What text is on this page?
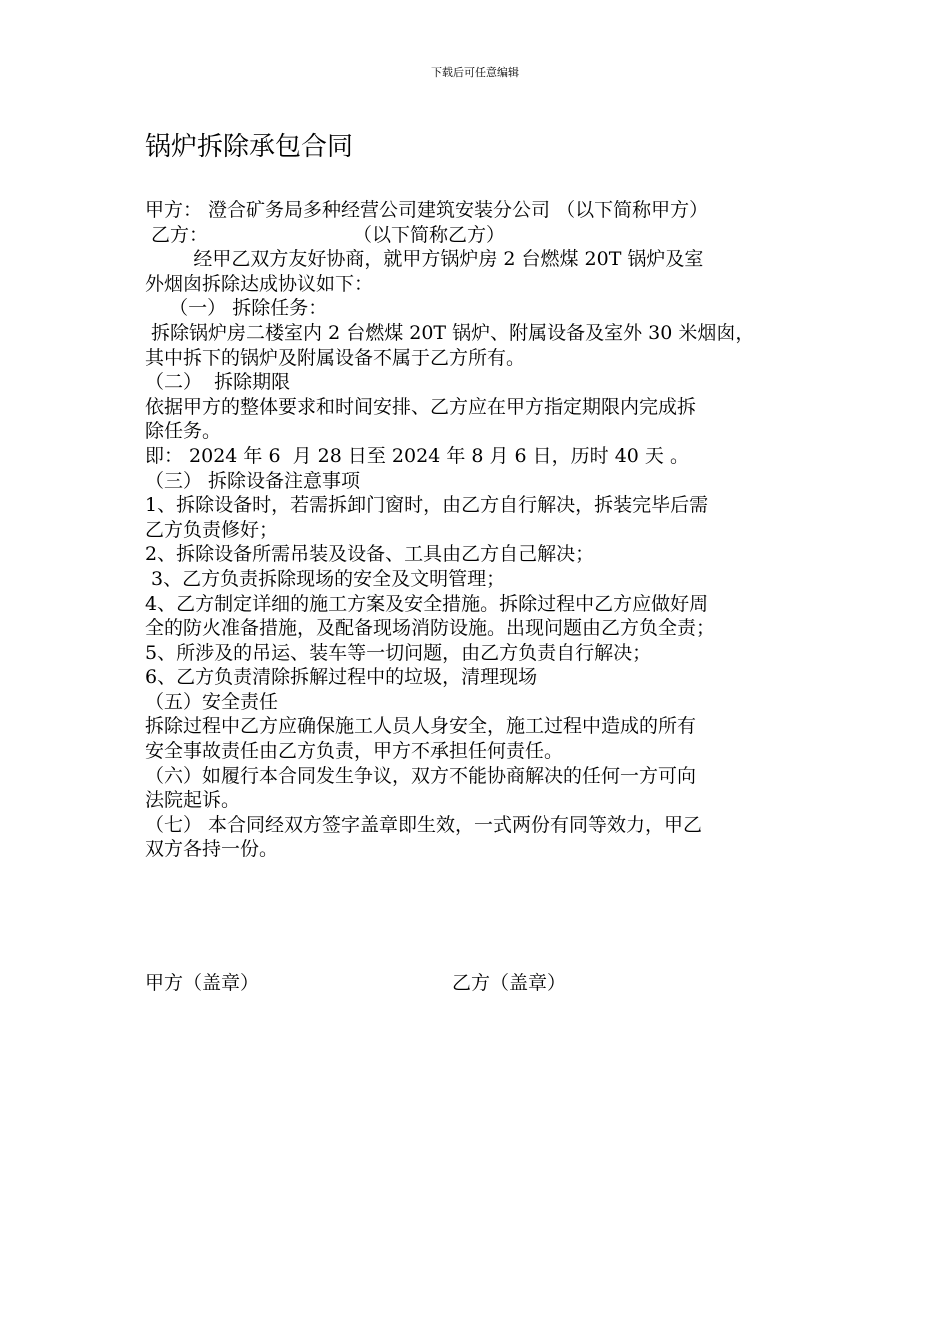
下载后可任意编辑
锅炉拆除承包合同
甲方： 澄合矿务局多种经营公司建筑安装分公司 （以下简称甲方）
乙方：                        （以下简称乙方）
经甲乙双方友好协商，就甲方锅炉房 2 台燃煤 20T 锅炉及室
外烟囱拆除达成协议如下：
（一） 拆除任务：
拆除锅炉房二楼室内 2 台燃煤 20T 锅炉、附属设备及室外 30 米烟囱，
其中拆下的锅炉及附属设备不属于乙方所有。
（二）  拆除期限
依据甲方的整体要求和时间安排、乙方应在甲方指定期限内完成拆
除任务。
即： 2024 年 6  月 28 日至 2024 年 8 月 6 日，历时 40 天 。
（三） 拆除设备注意事项
1、拆除设备时，若需拆卸门窗时，由乙方自行解决，拆装完毕后需
乙方负责修好；
2、拆除设备所需吊装及设备、工具由乙方自己解决；
3、乙方负责拆除现场的安全及文明管理；
4、乙方制定详细的施工方案及安全措施。拆除过程中乙方应做好周
全的防火准备措施，及配备现场消防设施。出现问题由乙方负全责；
5、所涉及的吊运、装车等一切问题，由乙方负责自行解决；
6、乙方负责清除拆解过程中的垃圾，清理现场
（五）安全责任
拆除过程中乙方应确保施工人员人身安全，施工过程中造成的所有
安全事故责任由乙方负责，甲方不承担任何责任。
（六）如履行本合同发生争议，双方不能协商解决的任何一方可向
法院起诉。
（七） 本合同经双方签字盖章即生效，一式两份有同等效力，甲乙
双方各持一份。
甲方（盖章）	乙方（盖章）
